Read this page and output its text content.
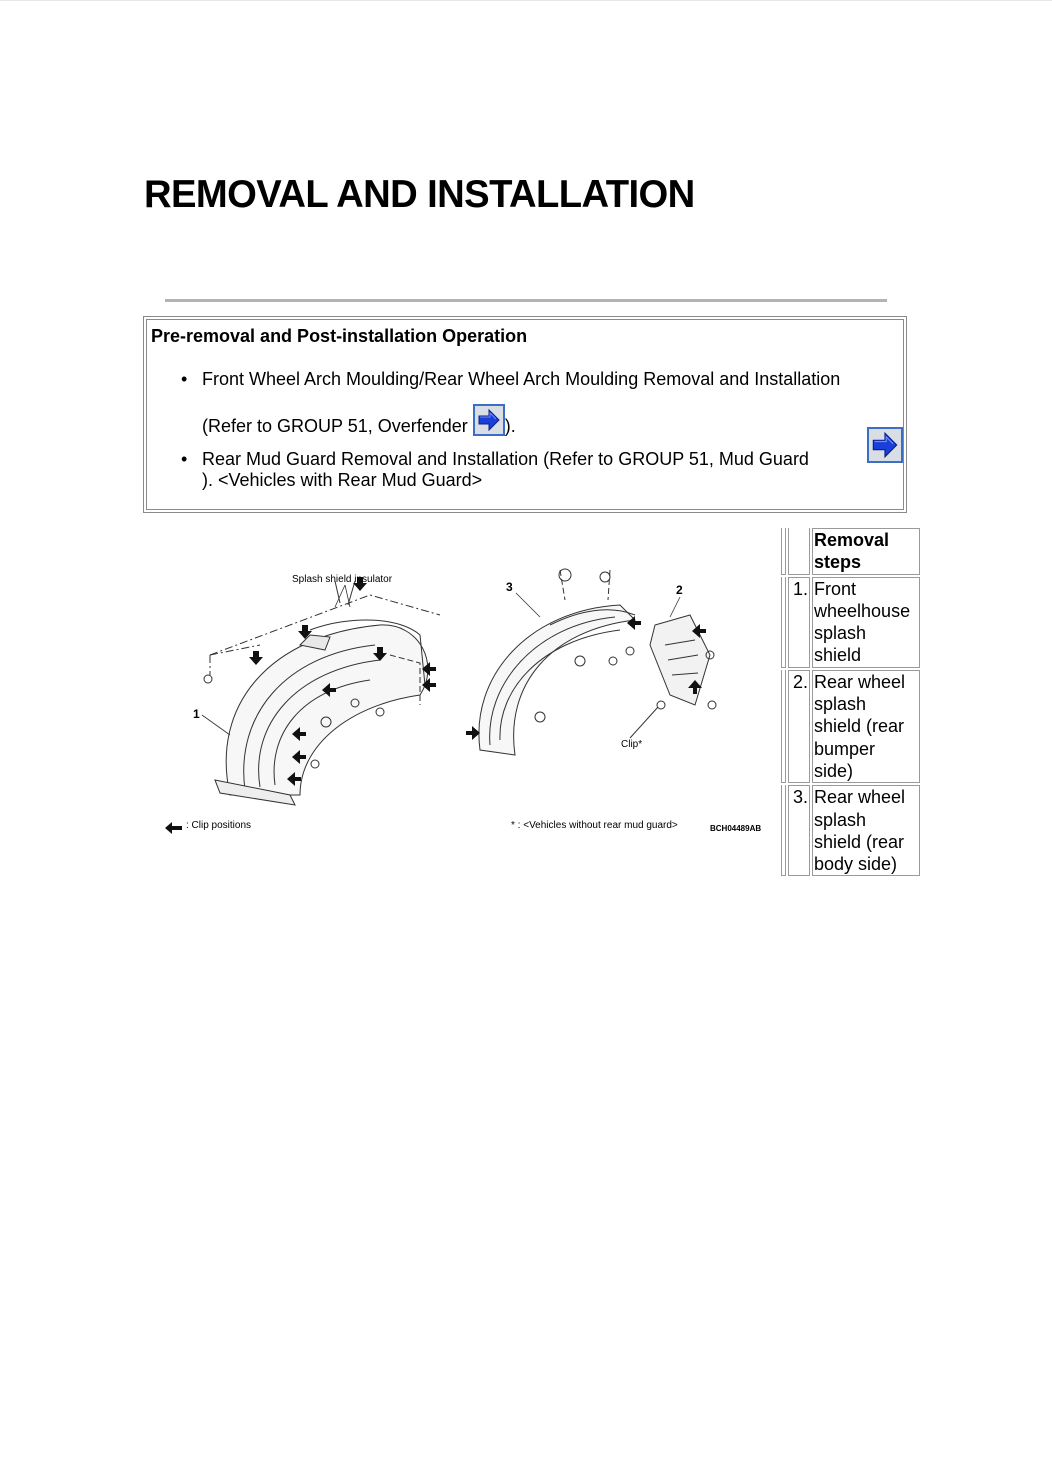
REMOVAL AND INSTALLATION
Pre-removal and Post-installation Operation
• Front Wheel Arch Moulding/Rear Wheel Arch Moulding Removal and Installation
(Refer to GROUP 51, Overfender
).
• Rear Mud Guard Removal and Installation (Refer to GROUP 51, Mud Guard
). <Vehicles with Rear Mud Guard>
Splash shield insulator
1
2
3
Clip*
: Clip positions	* : <Vehicles without rear mud guard>	BCH04489AB
		Removal steps
	1.	Front wheelhouse splash shield
	2.	Rear wheel splash shield (rear bumper side)
	3.	Rear wheel splash shield (rear body side)
